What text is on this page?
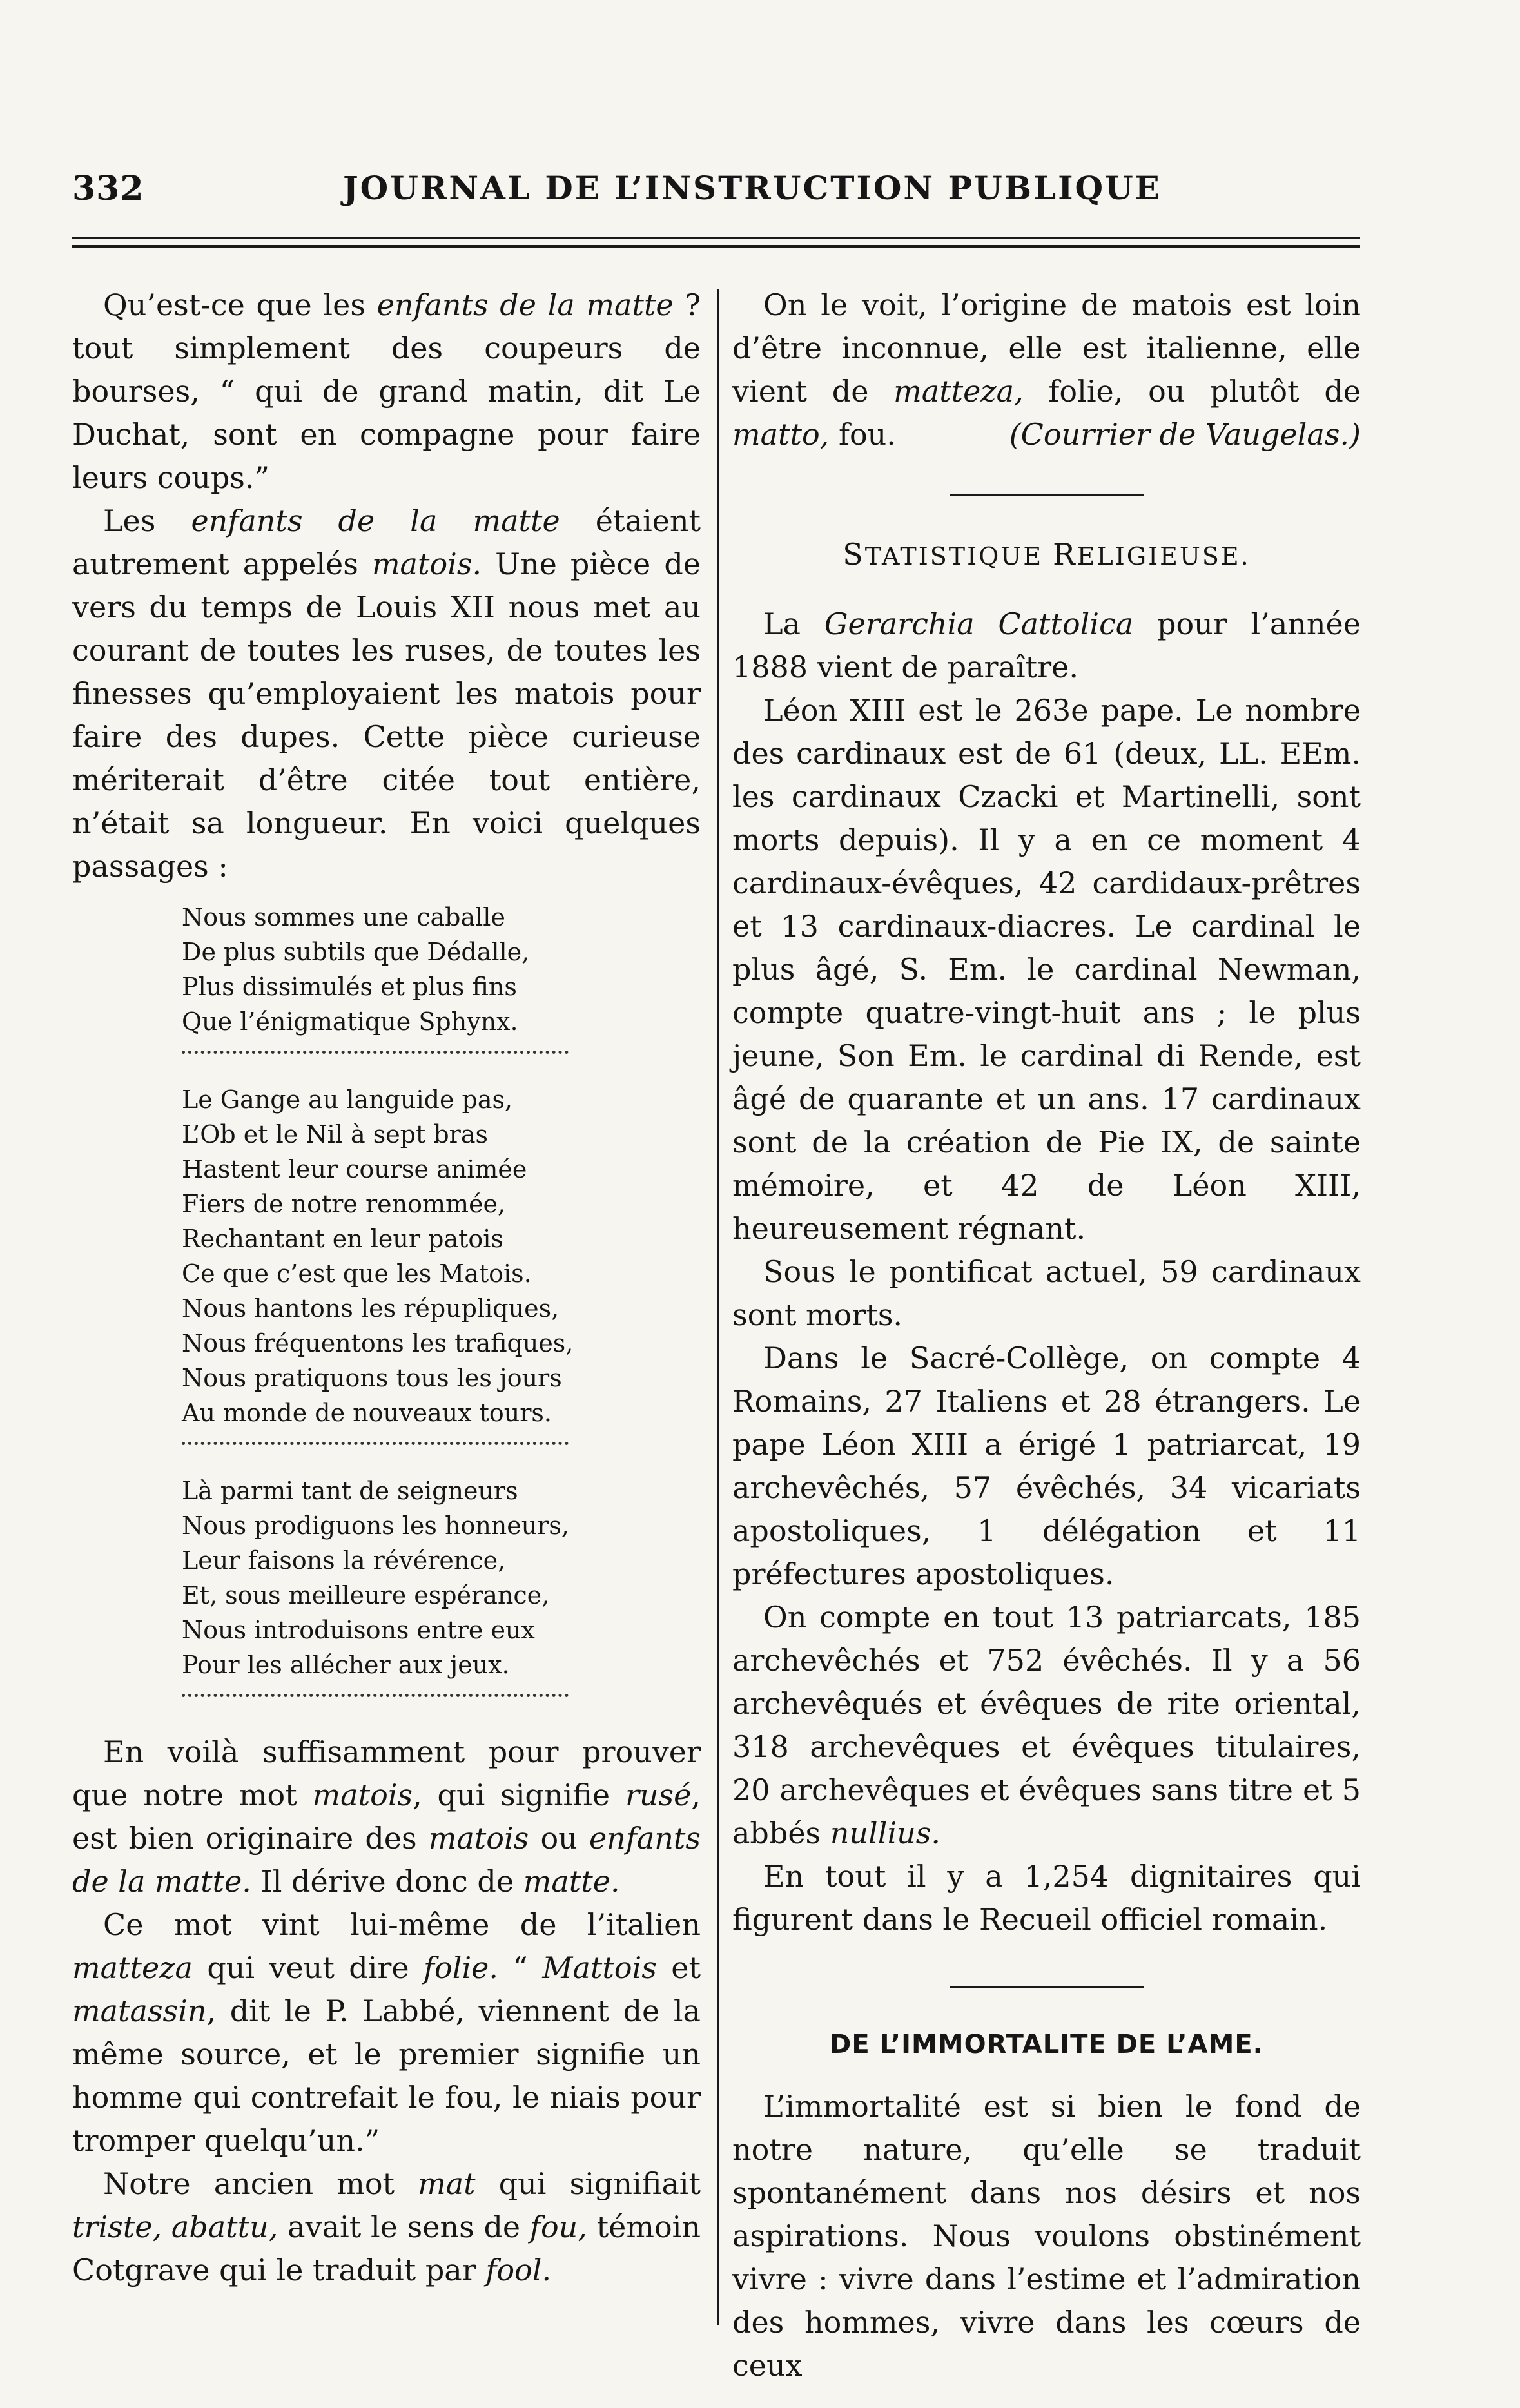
332	JOURNAL DE L’INSTRUCTION PUBLIQUE

Qu’est-ce que les enfants de la matte ? tout simplement des coupeurs de bourses, “ qui de grand matin, dit Le Duchat, sont en compagne pour faire leurs coups.”

Les enfants de la matte étaient autrement appelés matois. Une pièce de vers du temps de Louis XII nous met au courant de toutes les ruses, de toutes les finesses qu’employaient les matois pour faire des dupes. Cette pièce curieuse mériterait d’être citée tout entière, n’était sa longueur. En voici quelques passages :

Nous sommes une caballe
De plus subtils que Dédalle,
Plus dissimulés et plus fins
Que l’énigmatique Sphynx.
Le Gange au languide pas,
L’Ob et le Nil à sept bras
Hastent leur course animée
Fiers de notre renommée,
Rechantant en leur patois
Ce que c’est que les Matois.
Nous hantons les répupliques,
Nous fréquentons les trafiques,
Nous pratiquons tous les jours
Au monde de nouveaux tours.
Là parmi tant de seigneurs
Nous prodiguons les honneurs,
Leur faisons la révérence,
Et, sous meilleure espérance,
Nous introduisons entre eux
Pour les allécher aux jeux.

En voilà suffisamment pour prouver que notre mot matois, qui signifie rusé, est bien originaire des matois ou enfants de la matte. Il dérive donc de matte.

Ce mot vint lui-même de l’italien matteza qui veut dire folie. “ Mattois et matassin, dit le P. Labbé, viennent de la même source, et le premier signifie un homme qui contrefait le fou, le niais pour tromper quelqu’un.”

Notre ancien mot mat qui signifiait triste, abattu, avait le sens de fou, témoin Cotgrave qui le traduit par fool.

On le voit, l’origine de matois est loin d’être inconnue, elle est italienne, elle vient de matteza, folie, ou plutôt de matto, fou.	(Courrier de Vaugelas.)

STATISTIQUE RELIGIEUSE.

La Gerarchia Cattolica pour l’année 1888 vient de paraître.

Léon XIII est le 263e pape. Le nombre des cardinaux est de 61 (deux, LL. EEm. les cardinaux Czacki et Martinelli, sont morts depuis). Il y a en ce moment 4 cardinaux-évêques, 42 cardidaux-prêtres et 13 cardinaux-diacres. Le cardinal le plus âgé, S. Em. le cardinal Newman, compte quatre-vingt-huit ans ; le plus jeune, Son Em. le cardinal di Rende, est âgé de quarante et un ans. 17 cardinaux sont de la création de Pie IX, de sainte mémoire, et 42 de Léon XIII, heureusement régnant.

Sous le pontificat actuel, 59 cardinaux sont morts.

Dans le Sacré-Collège, on compte 4 Romains, 27 Italiens et 28 étrangers. Le pape Léon XIII a érigé 1 patriarcat, 19 archevêchés, 57 évêchés, 34 vicariats apostoliques, 1 délégation et 11 préfectures apostoliques.

On compte en tout 13 patriarcats, 185 archevêchés et 752 évêchés. Il y a 56 archevêqués et évêques de rite oriental, 318 archevêques et évêques titulaires, 20 archevêques et évêques sans titre et 5 abbés nullius.

En tout il y a 1,254 dignitaires qui figurent dans le Recueil officiel romain.

DE L’IMMORTALITE DE L’AME.

L’immortalité est si bien le fond de notre nature, qu’elle se traduit spontanément dans nos désirs et nos aspirations. Nous voulons obstinément vivre : vivre dans l’estime et l’admiration des hommes, vivre dans les cœurs de ceux
